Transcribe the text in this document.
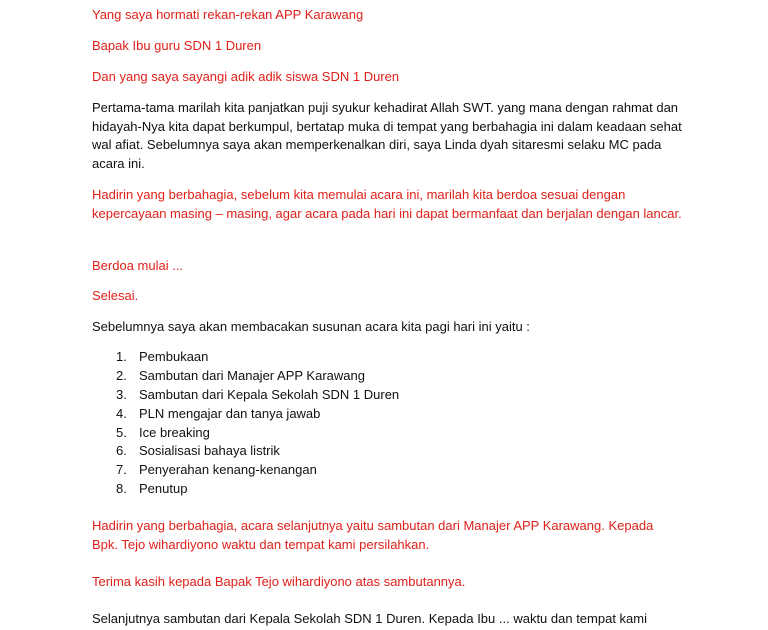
Yang saya hormati rekan-rekan APP Karawang

Bapak Ibu guru SDN 1 Duren

Dan yang saya sayangi adik adik siswa SDN 1 Duren

Pertama-tama marilah kita panjatkan puji syukur kehadirat Allah SWT. yang mana dengan rahmat dan hidayah-Nya kita dapat berkumpul, bertatap muka di tempat yang berbahagia ini dalam keadaan sehat wal afiat. Sebelumnya saya akan memperkenalkan diri, saya Linda dyah sitaresmi selaku MC pada acara ini.

Hadirin yang berbahagia, sebelum kita memulai acara ini, marilah kita berdoa sesuai dengan kepercayaan masing – masing, agar acara pada hari ini dapat bermanfaat dan berjalan dengan lancar.

Berdoa mulai ...

Selesai.

Sebelumnya saya akan membacakan susunan acara kita pagi hari ini yaitu :

1. Pembukaan
2. Sambutan dari Manajer APP Karawang
3. Sambutan dari Kepala Sekolah SDN 1 Duren
4. PLN mengajar dan tanya jawab
5. Ice breaking
6. Sosialisasi bahaya listrik
7. Penyerahan kenang-kenangan
8. Penutup

Hadirin yang berbahagia, acara selanjutnya yaitu sambutan dari Manajer APP Karawang. Kepada Bpk. Tejo wihardiyono waktu dan tempat kami persilahkan.

Terima kasih kepada Bapak Tejo wihardiyono atas sambutannya.

Selanjutnya sambutan dari Kepala Sekolah SDN 1 Duren. Kepada Ibu ... waktu dan tempat kami
